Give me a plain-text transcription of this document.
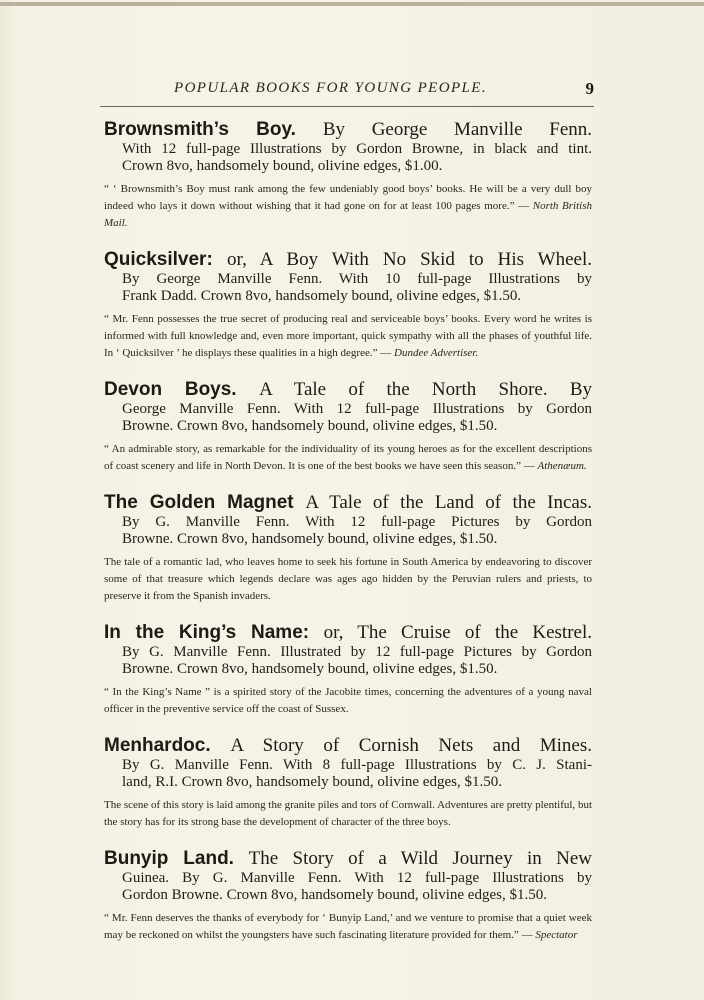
POPULAR BOOKS FOR YOUNG PEOPLE.	9
Brownsmith’s Boy. By George Manville Fenn.
With 12 full-page Illustrations by Gordon Browne, in black and tint.
Crown 8vo, handsomely bound, olivine edges, $1.00.
“ ‘ Brownsmith’s Boy must rank among the few undeniably good boys’ books. He will be a very dull boy indeed who lays it down without wishing that it had gone on for at least 100 pages more.” — North British Mail.
Quicksilver: or, A Boy With No Skid to His Wheel.
By George Manville Fenn. With 10 full-page Illustrations by
Frank Dadd. Crown 8vo, handsomely bound, olivine edges, $1.50.
“ Mr. Fenn possesses the true secret of producing real and serviceable boys’ books. Every word he writes is informed with full knowledge and, even more important, quick sympathy with all the phases of youthful life. In ‘ Quicksilver ’ he displays these qualities in a high degree.” — Dundee Advertiser.
Devon Boys. A Tale of the North Shore. By
George Manville Fenn. With 12 full-page Illustrations by Gordon
Browne. Crown 8vo, handsomely bound, olivine edges, $1.50.
“ An admirable story, as remarkable for the individuality of its young heroes as for the excellent descriptions of coast scenery and life in North Devon. It is one of the best books we have seen this season.” — Athenæum.
The Golden Magnet A Tale of the Land of the Incas.
By G. Manville Fenn. With 12 full-page Pictures by Gordon
Browne. Crown 8vo, handsomely bound, olivine edges, $1.50.
The tale of a romantic lad, who leaves home to seek his fortune in South America by endeavoring to discover some of that treasure which legends declare was ages ago hidden by the Peruvian rulers and priests, to preserve it from the Spanish invaders.
In the King’s Name: or, The Cruise of the Kestrel.
By G. Manville Fenn. Illustrated by 12 full-page Pictures by Gordon
Browne. Crown 8vo, handsomely bound, olivine edges, $1.50.
“ In the King’s Name ” is a spirited story of the Jacobite times, concerning the adventures of a young naval officer in the preventive service off the coast of Sussex.
Menhardoc. A Story of Cornish Nets and Mines.
By G. Manville Fenn. With 8 full-page Illustrations by C. J. Stani-
land, R.I. Crown 8vo, handsomely bound, olivine edges, $1.50.
The scene of this story is laid among the granite piles and tors of Cornwall. Adventures are pretty plentiful, but the story has for its strong base the development of character of the three boys.
Bunyip Land. The Story of a Wild Journey in New
Guinea. By G. Manville Fenn. With 12 full-page Illustrations by
Gordon Browne. Crown 8vo, handsomely bound, olivine edges, $1.50.
“ Mr. Fenn deserves the thanks of everybody for ‘ Bunyip Land,’ and we venture to promise that a quiet week may be reckoned on whilst the youngsters have such fascinating literature provided for them.” — Spectator
